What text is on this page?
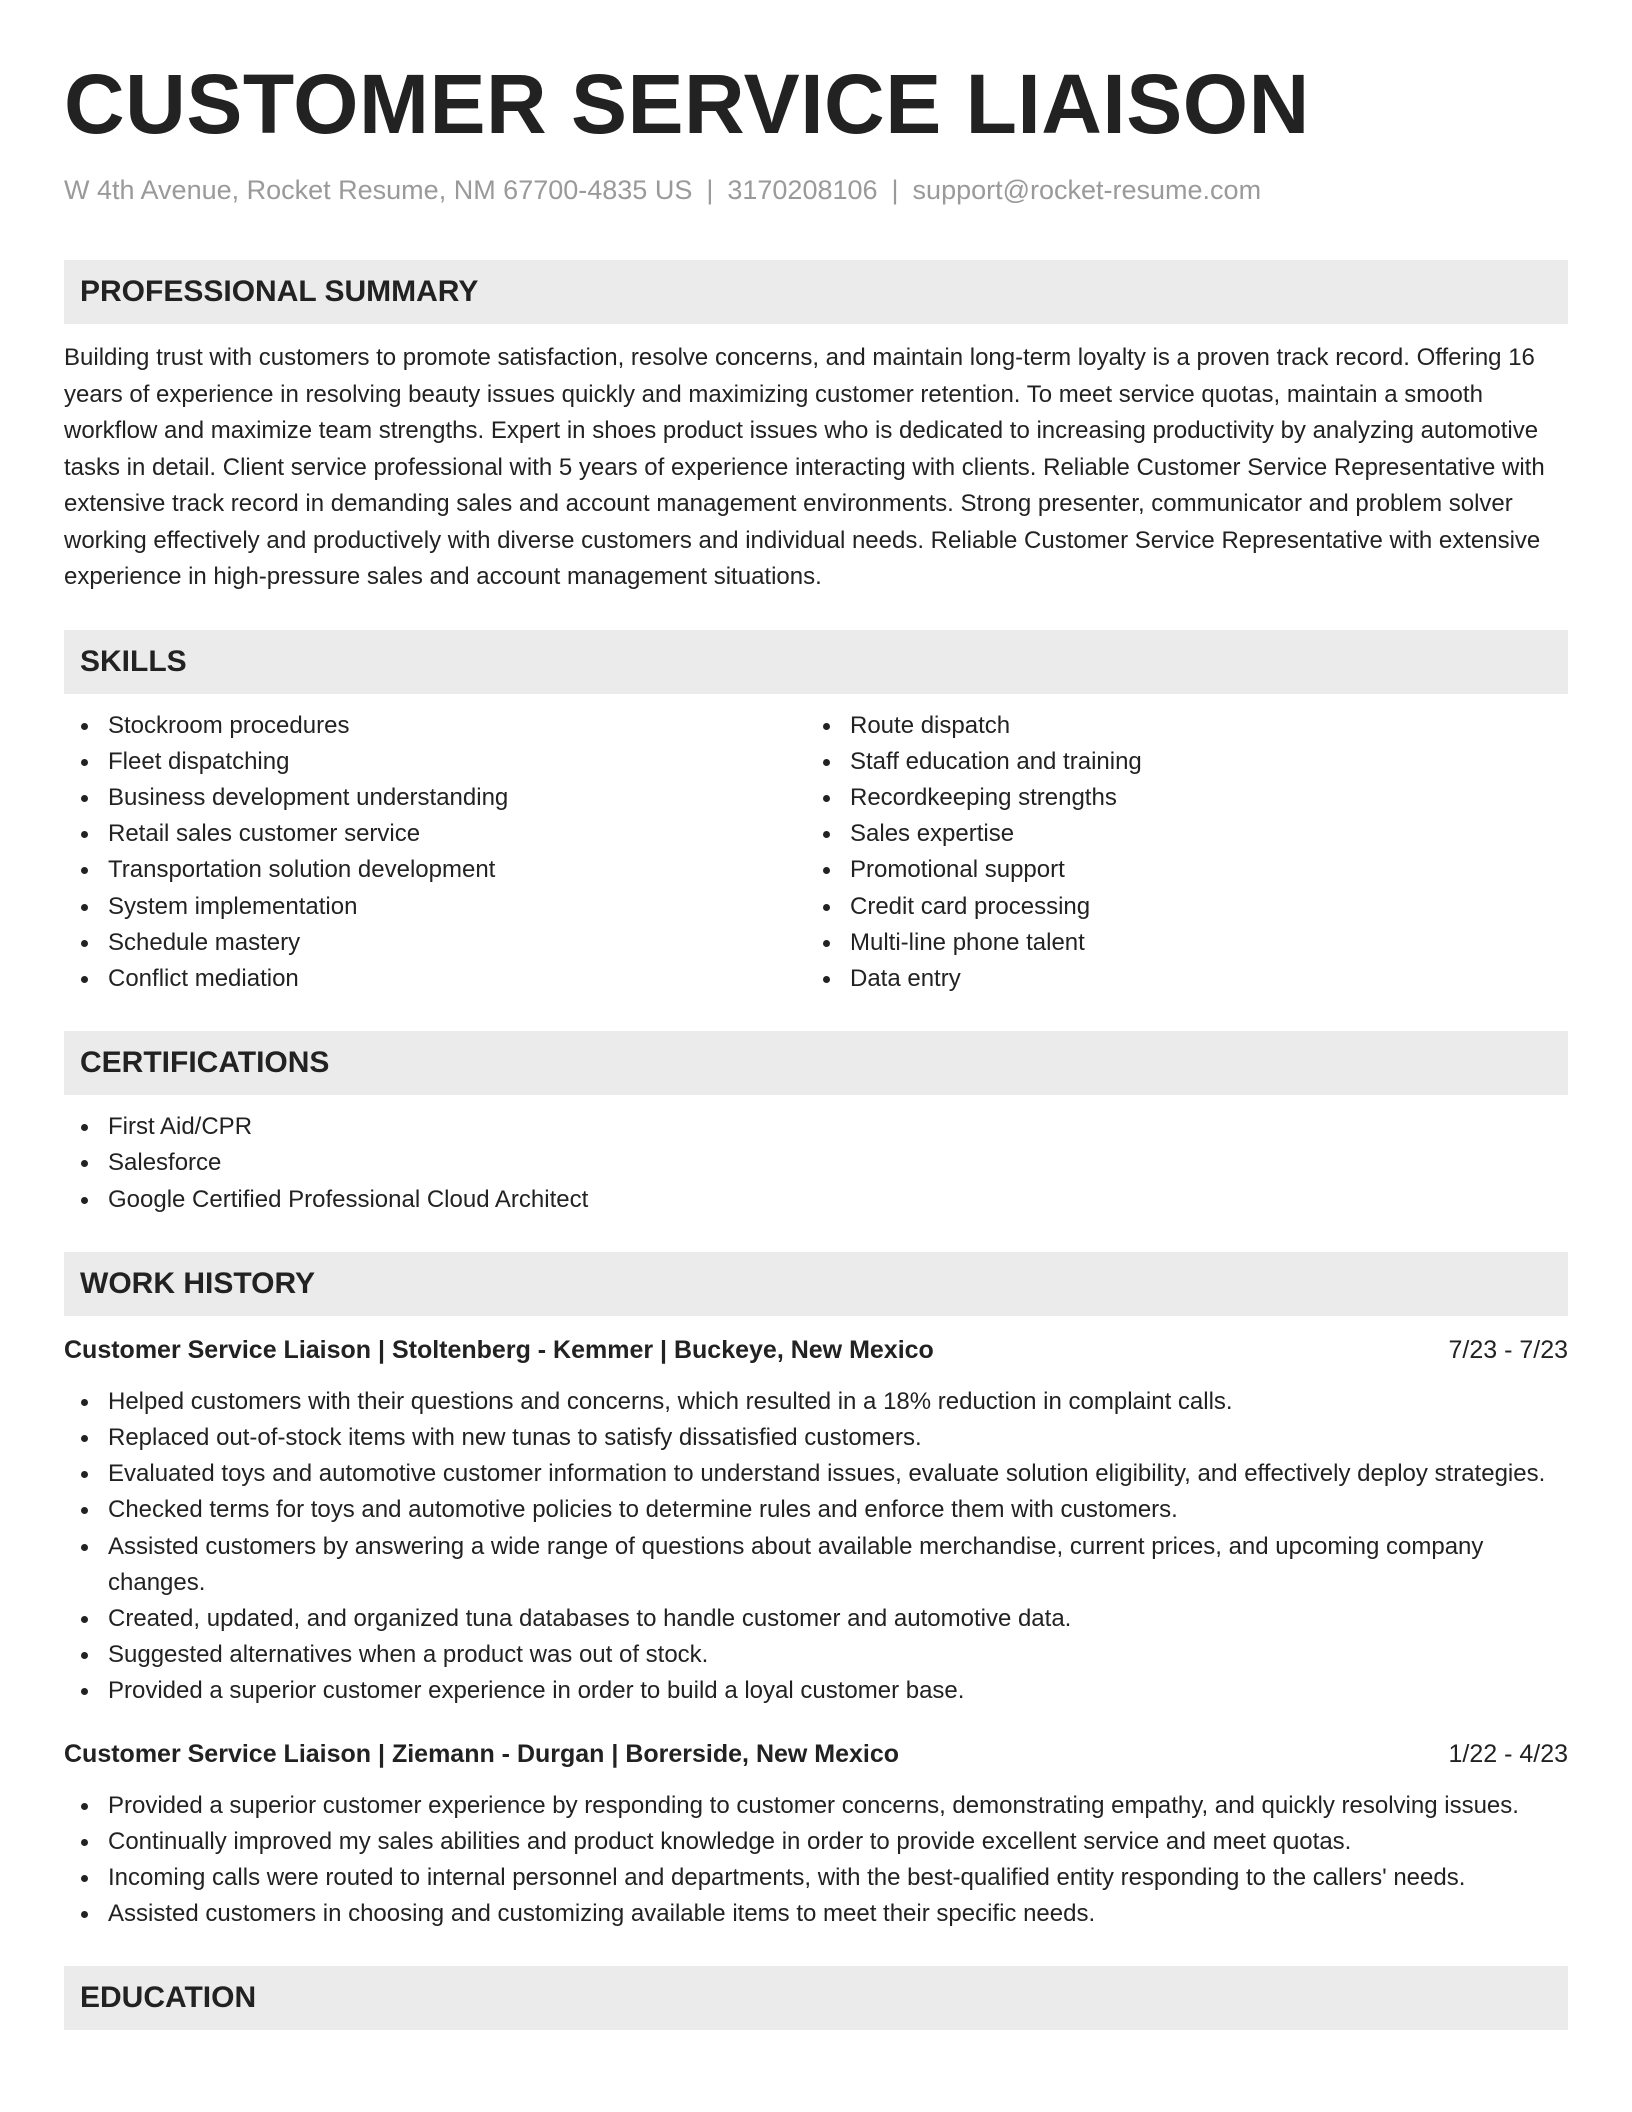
CUSTOMER SERVICE LIAISON
W 4th Avenue, Rocket Resume, NM 67700-4835 US | 3170208106 | support@rocket-resume.com
PROFESSIONAL SUMMARY

Building trust with customers to promote satisfaction, resolve concerns, and maintain long-term loyalty is a proven track record. Offering 16 years of experience in resolving beauty issues quickly and maximizing customer retention. To meet service quotas, maintain a smooth workflow and maximize team strengths. Expert in shoes product issues who is dedicated to increasing productivity by analyzing automotive tasks in detail. Client service professional with 5 years of experience interacting with clients. Reliable Customer Service Representative with extensive track record in demanding sales and account management environments. Strong presenter, communicator and problem solver working effectively and productively with diverse customers and individual needs. Reliable Customer Service Representative with extensive experience in high-pressure sales and account management situations.

SKILLS
Stockroom procedures
Fleet dispatching
Business development understanding
Retail sales customer service
Transportation solution development
System implementation
Schedule mastery
Conflict mediation
Route dispatch
Staff education and training
Recordkeeping strengths
Sales expertise
Promotional support
Credit card processing
Multi-line phone talent
Data entry
CERTIFICATIONS
First Aid/CPR
Salesforce
Google Certified Professional Cloud Architect
WORK HISTORY
Customer Service Liaison | Stoltenberg - Kemmer | Buckeye, New Mexico	7/23 - 7/23
Helped customers with their questions and concerns, which resulted in a 18% reduction in complaint calls.
Replaced out-of-stock items with new tunas to satisfy dissatisfied customers.
Evaluated toys and automotive customer information to understand issues, evaluate solution eligibility, and effectively deploy strategies.
Checked terms for toys and automotive policies to determine rules and enforce them with customers.
Assisted customers by answering a wide range of questions about available merchandise, current prices, and upcoming company changes.
Created, updated, and organized tuna databases to handle customer and automotive data.
Suggested alternatives when a product was out of stock.
Provided a superior customer experience in order to build a loyal customer base.
Customer Service Liaison | Ziemann - Durgan | Borerside, New Mexico	1/22 - 4/23
Provided a superior customer experience by responding to customer concerns, demonstrating empathy, and quickly resolving issues.
Continually improved my sales abilities and product knowledge in order to provide excellent service and meet quotas.
Incoming calls were routed to internal personnel and departments, with the best-qualified entity responding to the callers' needs.
Assisted customers in choosing and customizing available items to meet their specific needs.
EDUCATION
